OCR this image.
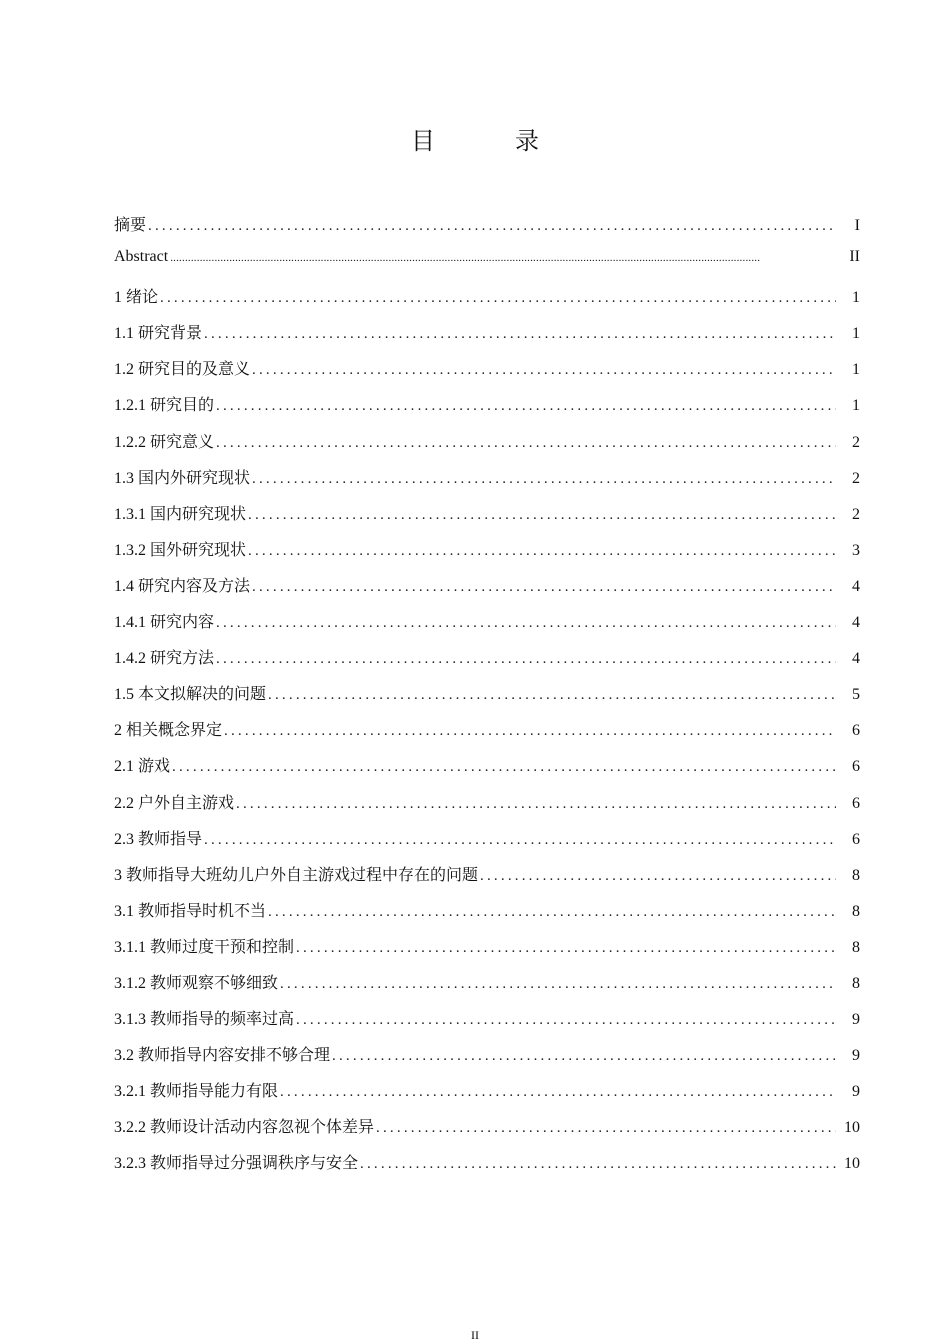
目　录
摘要 .....	I
Abstract .....	II
1 绪论 .....	1
1.1 研究背景 .....	1
1.2 研究目的及意义 .....	1
1.2.1 研究目的 .....	1
1.2.2 研究意义 .....	2
1.3 国内外研究现状 .....	2
1.3.1 国内研究现状 .....	2
1.3.2 国外研究现状 .....	3
1.4 研究内容及方法 .....	4
1.4.1 研究内容 .....	4
1.4.2 研究方法 .....	4
1.5 本文拟解决的问题 .....	5
2 相关概念界定 .....	6
2.1 游戏 .....	6
2.2 户外自主游戏 .....	6
2.3 教师指导 .....	6
3 教师指导大班幼儿户外自主游戏过程中存在的问题 .....	8
3.1 教师指导时机不当 .....	8
3.1.1 教师过度干预和控制 .....	8
3.1.2 教师观察不够细致 .....	8
3.1.3 教师指导的频率过高 .....	9
3.2 教师指导内容安排不够合理 .....	9
3.2.1 教师指导能力有限 .....	9
3.2.2 教师设计活动内容忽视个体差异 .....	10
3.2.3 教师指导过分强调秩序与安全 .....	10
II
